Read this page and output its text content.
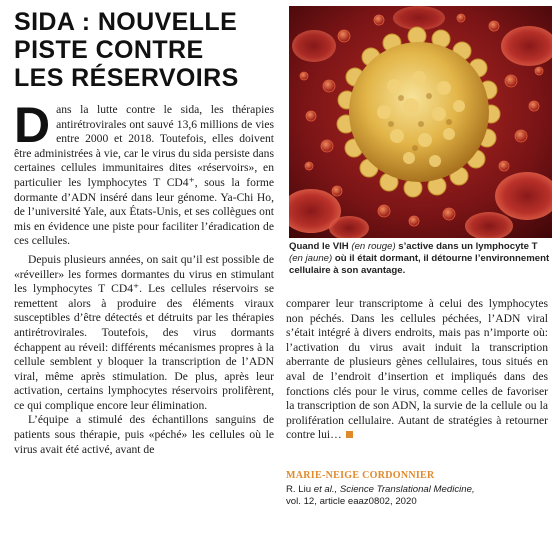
SIDA : NOUVELLE
PISTE CONTRE
LES RÉSERVOIRS
Quand le VIH (en rouge) s’active dans un lymphocyte T (en jaune) où il était dormant, il détourne l’environnement cellulaire à son avantage.

Dans la lutte contre le sida, les thérapies antirétrovirales ont sauvé 13,6 millions de vies entre 2000 et 2018. Toutefois, elles doivent être administrées à vie, car le virus du sida persiste dans certaines cellules immunitaires dites «réservoirs», en particulier les lymphocytes T CD4⁺, sous la forme dormante d’ADN inséré dans leur génome. Ya-Chi Ho, de l’université Yale, aux États-Unis, et ses collègues ont mis en évidence une piste pour faciliter l’éradication de ces cellules.

Depuis plusieurs années, on sait qu’il est possible de «réveiller» les formes dormantes du virus en stimulant les lymphocytes T CD4⁺. Les cellules réservoirs se remettent alors à produire des éléments viraux susceptibles d’être détectés et détruits par les thérapies antirétrovirales. Toutefois, des virus dormants échappent au réveil: différents mécanismes propres à la cellule semblent y bloquer la transcription de l’ADN viral, même après stimulation. De plus, après leur activation, certains lymphocytes réservoirs prolifèrent, ce qui complique encore leur élimination.

L’équipe a stimulé des échantillons sanguins de patients sous thérapie, puis «péché» les cellules où le virus avait été activé, avant de

comparer leur transcriptome à celui des lymphocytes non péchés. Dans les cellules péchées, l’ADN viral s’était intégré à divers endroits, mais pas n’importe où: l’activation du virus avait induit la transcription aberrante de plusieurs gènes cellulaires, tous situés en aval de l’endroit d’insertion et impliqués dans des fonctions clés pour le virus, comme celles de favoriser la transcription de son ADN, la survie de la cellule ou la prolifération cellulaire. Autant de stratégies à retourner contre lui…

MARIE-NEIGE CORDONNIER
R. Liu et al., Science Translational Medicine,
vol. 12, article eaaz0802, 2020
